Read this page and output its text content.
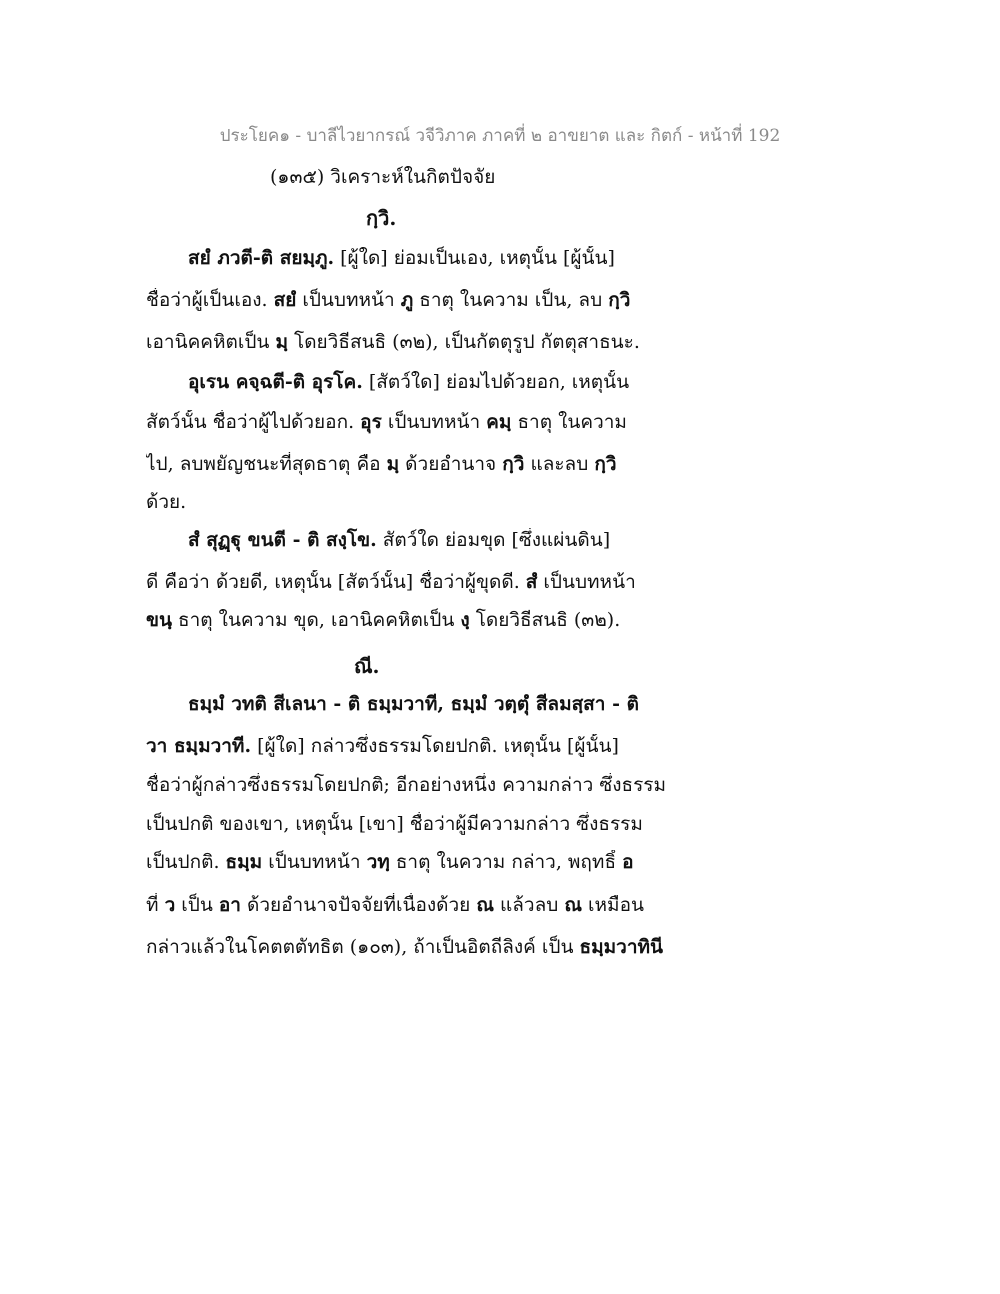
ประโยค๑ - บาลีไวยากรณ์ วจีวิภาค ภาคที่ ๒ อาขยาต และ กิตก์ - หน้าที่ 192
(๑๓๕) วิเคราะห์ในกิตปัจจัย
กฺวิ.
สยํ ภวตี-ติ สยมฺภู. [ผู้ใด] ย่อมเป็นเอง, เหตุนั้น [ผู้นั้น]
ชื่อว่าผู้เป็นเอง. สยํ เป็นบทหน้า ภู ธาตุ ในความ เป็น, ลบ กฺวิ
เอานิคคหิตเป็น มฺ โดยวิธีสนธิ (๓๒), เป็นกัตตุรูป กัตตุสาธนะ.
อุเรน คจฺฉตี-ติ อุรโค. [สัตว์ใด] ย่อมไปด้วยอก, เหตุนั้น
สัตว์นั้น ชื่อว่าผู้ไปด้วยอก. อุร เป็นบทหน้า คมฺ ธาตุ ในความ
ไป, ลบพยัญชนะที่สุดธาตุ คือ มฺ ด้วยอำนาจ กฺวิ และลบ กฺวิ
ด้วย.
สํ สุฏฺฐุ ขนตี - ติ สงฺโข. สัตว์ใด ย่อมขุด [ซึ่งแผ่นดิน]
ดี คือว่า ด้วยดี, เหตุนั้น [สัตว์นั้น] ชื่อว่าผู้ขุดดี. สํ เป็นบทหน้า
ขนฺ ธาตุ ในความ ขุด, เอานิคคหิตเป็น งฺ โดยวิธีสนธิ (๓๒).
ณี.
ธมฺมํ วทติ สีเลนา - ติ ธมฺมวาที, ธมฺมํ วตฺตุํ สีลมสฺสา - ติ
วา ธมฺมวาที. [ผู้ใด] กล่าวซึ่งธรรมโดยปกติ. เหตุนั้น [ผู้นั้น]
ชื่อว่าผู้กล่าวซึ่งธรรมโดยปกติ; อีกอย่างหนึ่ง ความกล่าว ซึ่งธรรม
เป็นปกติ ของเขา, เหตุนั้น [เขา] ชื่อว่าผู้มีความกล่าว ซึ่งธรรม
เป็นปกติ. ธมฺม เป็นบทหน้า วทฺ ธาตุ ในความ กล่าว, พฤทธิ์ อ
ที่ ว เป็น อา ด้วยอำนาจปัจจัยที่เนื่องด้วย ณ แล้วลบ ณ เหมือน
กล่าวแล้วในโคตตตัทธิต (๑๐๓), ถ้าเป็นอิตถีลิงค์ เป็น ธมฺมวาทินี
